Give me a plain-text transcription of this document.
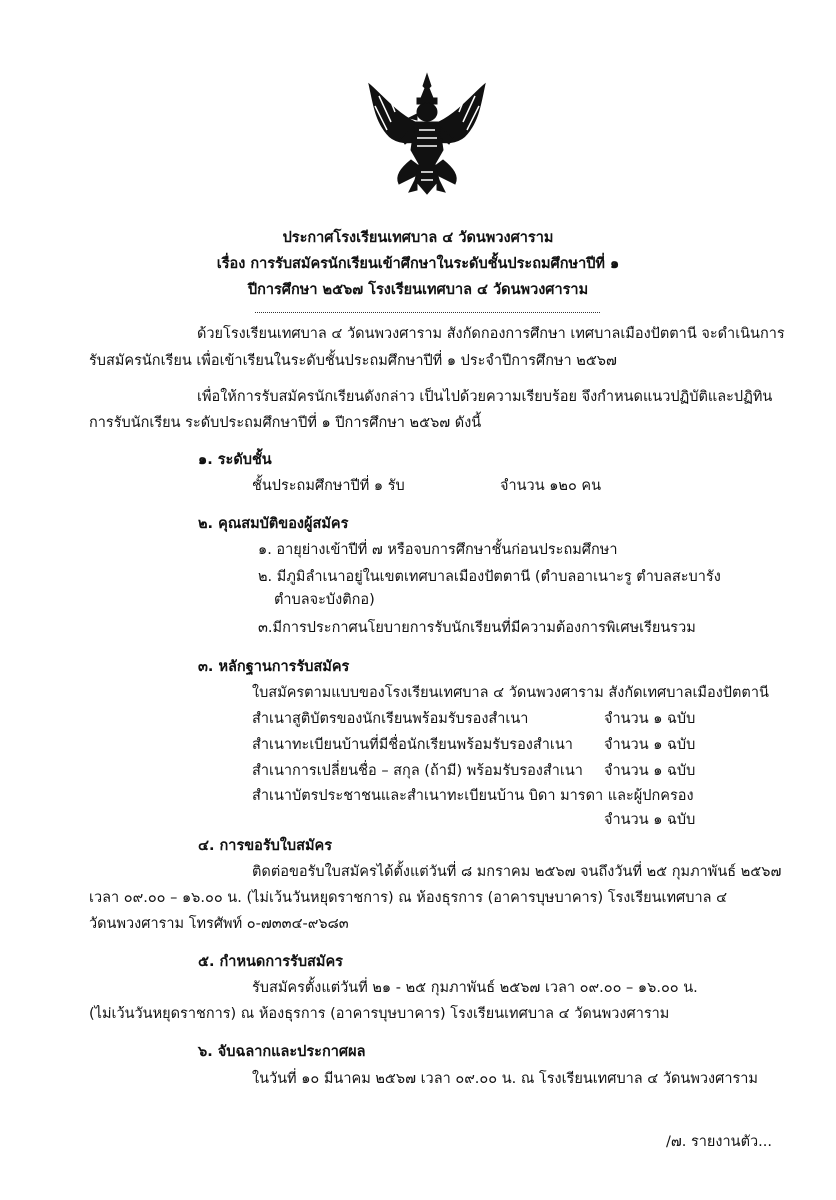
ประกาศโรงเรียนเทศบาล ๔ วัดนพวงศาราม
เรื่อง การรับสมัครนักเรียนเข้าศึกษาในระดับชั้นประถมศึกษาปีที่ ๑
ปีการศึกษา ๒๕๖๗ โรงเรียนเทศบาล ๔ วัดนพวงศาราม
ด้วยโรงเรียนเทศบาล ๔ วัดนพวงศาราม สังกัดกองการศึกษา เทศบาลเมืองปัตตานี จะดำเนินการ
รับสมัครนักเรียน เพื่อเข้าเรียนในระดับชั้นประถมศึกษาปีที่ ๑ ประจำปีการศึกษา ๒๕๖๗
เพื่อให้การรับสมัครนักเรียนดังกล่าว เป็นไปด้วยความเรียบร้อย จึงกำหนดแนวปฏิบัติและปฏิทิน
การรับนักเรียน ระดับประถมศึกษาปีที่ ๑ ปีการศึกษา ๒๕๖๗ ดังนี้
๑. ระดับชั้น
ชั้นประถมศึกษาปีที่ ๑ รับ	จำนวน ๑๒๐ คน
๒. คุณสมบัติของผู้สมัคร
๑. อายุย่างเข้าปีที่ ๗ หรือจบการศึกษาชั้นก่อนประถมศึกษา
๒. มีภูมิลำเนาอยู่ในเขตเทศบาลเมืองปัตตานี (ตำบลอาเนาะรู ตำบลสะบารัง
ตำบลจะบังติกอ)
๓.มีการประกาศนโยบายการรับนักเรียนที่มีความต้องการพิเศษเรียนรวม
๓. หลักฐานการรับสมัคร
ใบสมัครตามแบบของโรงเรียนเทศบาล ๔ วัดนพวงศาราม สังกัดเทศบาลเมืองปัตตานี
สำเนาสูติบัตรของนักเรียนพร้อมรับรองสำเนา	จำนวน ๑ ฉบับ
สำเนาทะเบียนบ้านที่มีชื่อนักเรียนพร้อมรับรองสำเนา จำนวน ๑ ฉบับ
สำเนาการเปลี่ยนชื่อ – สกุล (ถ้ามี) พร้อมรับรองสำเนา จำนวน ๑ ฉบับ
สำเนาบัตรประชาชนและสำเนาทะเบียนบ้าน บิดา มารดา และผู้ปกครอง
จำนวน ๑ ฉบับ
๔. การขอรับใบสมัคร
ติดต่อขอรับใบสมัครได้ตั้งแต่วันที่ ๘ มกราคม ๒๕๖๗ จนถึงวันที่ ๒๕ กุมภาพันธ์ ๒๕๖๗
เวลา ๐๙.๐๐ – ๑๖.๐๐ น. (ไม่เว้นวันหยุดราชการ) ณ ห้องธุรการ (อาคารบุษบาคาร) โรงเรียนเทศบาล ๔
วัดนพวงศาราม โทรศัพท์ ๐-๗๓๓๔-๙๖๘๓
๕. กำหนดการรับสมัคร
รับสมัครตั้งแต่วันที่ ๒๑ - ๒๕ กุมภาพันธ์ ๒๕๖๗ เวลา ๐๙.๐๐ – ๑๖.๐๐ น.
(ไม่เว้นวันหยุดราชการ) ณ ห้องธุรการ (อาคารบุษบาคาร) โรงเรียนเทศบาล ๔ วัดนพวงศาราม
๖. จับฉลากและประกาศผล
ในวันที่ ๑๐ มีนาคม ๒๕๖๗ เวลา ๐๙.๐๐ น. ณ โรงเรียนเทศบาล ๔ วัดนพวงศาราม
/๗. รายงานตัว...
